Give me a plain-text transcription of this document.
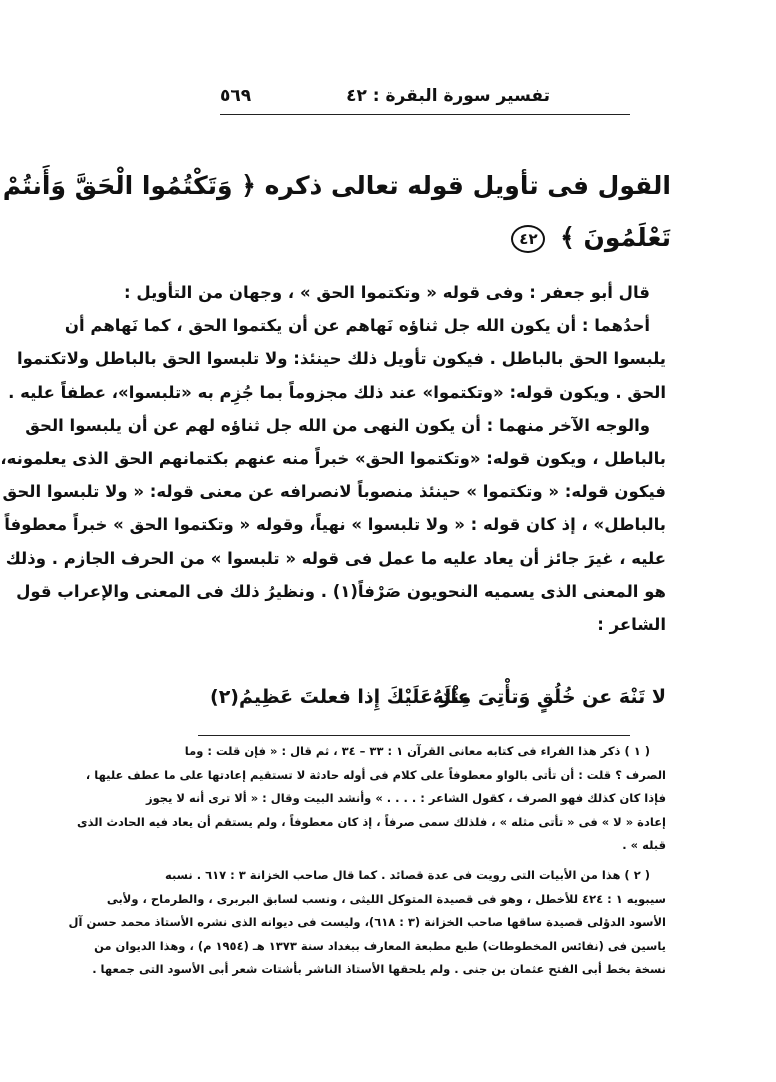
تفسير سورة البقرة : ٤٢
٥٦٩
القول فى تأويل قوله تعالى ذكره ﴿ وَتَكْتُمُوا الْحَقَّ وَأَنتُمْ
تَعْلَمُونَ ﴾ ٤٢

قال أبو جعفر : وفى قوله « وتكتموا الحق » ، وجهان من التأويل :

أحدُهما : أن يكون الله جل ثناؤه نَهاهم عن أن يكتموا الحق ، كما نَهاهم أن

يلبسوا الحق بالباطل . فيكون تأويل ذلك حينئذ: ولا تلبسوا الحق بالباطل ولاتكتموا

الحق . ويكون قوله: «وتكتموا» عند ذلك مجزوماً بما جُزِم به «تلبسوا»، عطفاً عليه .

والوجه الآخر منهما : أن يكون النهى من الله جل ثناؤه لهم عن أن يلبسوا الحق

بالباطل ، ويكون قوله: «وتكتموا الحق» خبراً منه عنهم بكتمانهم الحق الذى يعلمونه،

فيكون قوله: « وتكتموا » حينئذ منصوباً لانصرافه عن معنى قوله: « ولا تلبسوا الحق

بالباطل» ، إذ كان قوله : « ولا تلبسوا » نهياً، وقوله « وتكتموا الحق » خبراً معطوفاً

عليه ، غيرَ جائز أن يعاد عليه ما عمل فى قوله « تلبسوا » من الحرف الجازم . وذلك

هو المعنى الذى يسميه النحويون صَرْفاً(١) . ونظيرُ ذلك فى المعنى والإعراب قول

الشاعر :

لا تَنْهَ عن خُلُقٍ وَتأْتِىَ مِثْلَهُ
عارٌ عَلَيْكَ إِذا فعلتَ عَظِيمُ(٢)

( ١ ) ذكر هذا الفراء فى كتابه معانى القرآن ١ : ٣٣ – ٣٤ ، ثم قال : « فإن قلت : وما

الصرف ؟ قلت : أن تأتى بالواو معطوفاً على كلام فى أوله حادثة لا تستقيم إعادتها على ما عطف عليها ،

فإذا كان كذلك فهو الصرف ، كقول الشاعر : . . . . » وأنشد البيت وقال : « ألا ترى أنه لا يجوز

إعادة « لا » فى « تأتى مثله » ، فلذلك سمى صرفاً ، إذ كان معطوفاً ، ولم يستقم أن يعاد فيه الحادث الذى

قبله » .

( ٢ ) هذا من الأبيات التى رويت فى عدة قصائد . كما قال صاحب الخزانة ٣ : ٦١٧ . نسبه

سيبويه ١ : ٤٢٤ للأخطل ، وهو فى قصيدة المتوكل الليثى ، ونسب لسابق البربرى ، والطرماح ، ولأبى

الأسود الدؤلى قصيدة ساقها صاحب الخزانة (٣ : ٦١٨)، وليست فى ديوانه الذى نشره الأستاذ محمد حسن آل

ياسين فى (نفائس المخطوطات) طبع مطبعة المعارف ببغداد سنة ١٣٧٣ هـ (١٩٥٤ م) ، وهذا الديوان من

نسخة بخط أبى الفتح عثمان بن جنى . ولم يلحقها الأستاذ الناشر بأشتات شعر أبى الأسود التى جمعها .
